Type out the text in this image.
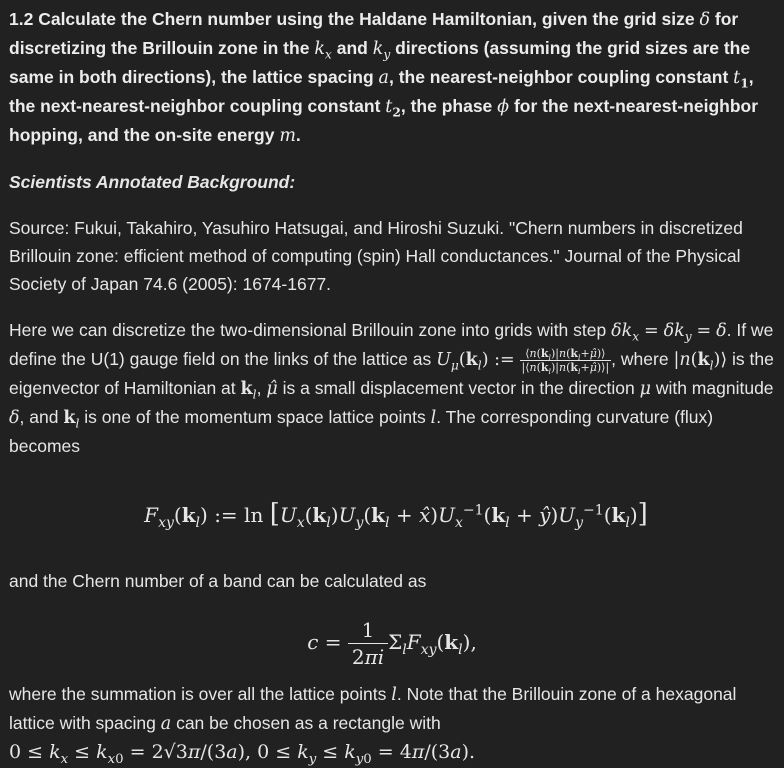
1.2 Calculate the Chern number using the Haldane Hamiltonian, given the grid size δ for discretizing the Brillouin zone in the $k_x$ and $k_y$ directions (assuming the grid sizes are the same in both directions), the lattice spacing a, the nearest-neighbor coupling constant $t_1$, the next-nearest-neighbor coupling constant $t_2$, the phase ϕ for the next-nearest-neighbor hopping, and the on-site energy m.

Scientists Annotated Background:

Source: Fukui, Takahiro, Yasuhiro Hatsugai, and Hiroshi Suzuki. "Chern numbers in discretized Brillouin zone: efficient method of computing (spin) Hall conductances." Journal of the Physical Society of Japan 74.6 (2005): 1674-1677.

Here we can discretize the two-dimensional Brillouin zone into grids with step $\delta k_x = \delta k_y = \delta$. If we define the U(1) gauge field on the links of the lattice as $U_\mu(k_l)$ := $\frac{⟨n(k_l)|n(k_l+\mû)⟩}{|⟨n(k_l)|n(k_l+\mû)⟩|}$ , where $|n(k_l)⟩$ is the eigenvector of Hamiltonian at $k_l$, μ̂ is a small displacement vector in the direction μ with magnitude δ, and $k_l$ is one of the momentum space lattice points l. The corresponding curvature (flux) becomes

$F_{xy}(k_l)$ := $\ln [U_x(k_l)U_y(k_l$ + $x̂)U_x^{-1}(k_l$ + $ŷ)U_y^{-1}(k_l)$]

and the Chern number of a band can be calculated as

$c = \frac{1}{2\pi i} \Sigma_lF_{xy}(k_l)$,

where the summation is over all the lattice points l. Note that the Brillouin zone of a hexagonal lattice with spacing a can be chosen as a rectangle with
$0 \le k_x \le k_{x0} = 2√3\pi/(3a)$, $0 \le k_y \le k_{y0} = 4\pi/(3a)$.
